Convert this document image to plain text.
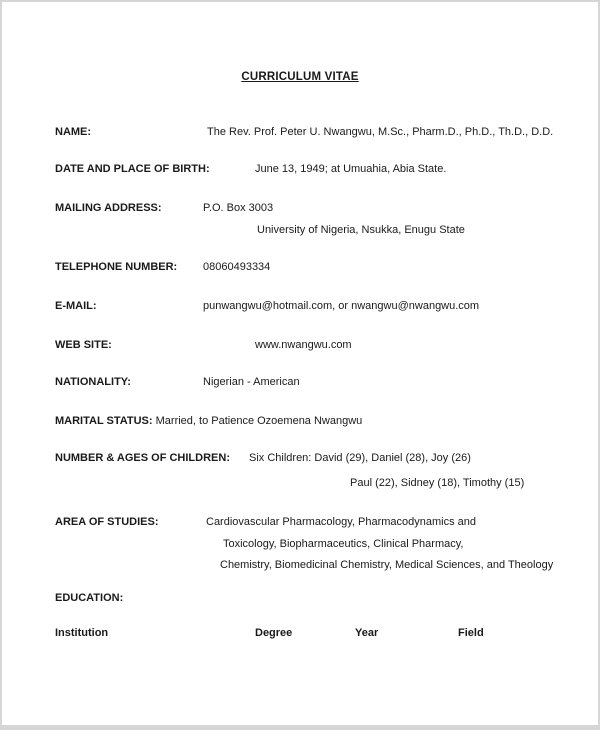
CURRICULUM VITAE
NAME:	The Rev. Prof. Peter U. Nwangwu, M.Sc., Pharm.D., Ph.D., Th.D., D.D.
DATE AND PLACE OF BIRTH:	June 13, 1949; at Umuahia, Abia State.
MAILING ADDRESS:	P.O. Box 3003
University of Nigeria, Nsukka, Enugu State
TELEPHONE NUMBER: 08060493334
E-MAIL:	punwangwu@hotmail.com, or nwangwu@nwangwu.com
WEB SITE:	www.nwangwu.com
NATIONALITY:	Nigerian - American
MARITAL STATUS: Married, to Patience Ozoemena Nwangwu
NUMBER & AGES OF CHILDREN: Six Children: David (29), Daniel (28), Joy (26)
Paul (22), Sidney (18), Timothy (15)
AREA OF STUDIES:	Cardiovascular Pharmacology, Pharmacodynamics and
Toxicology, Biopharmaceutics, Clinical Pharmacy,
Chemistry, Biomedicinal Chemistry, Medical Sciences, and Theology
EDUCATION:
Institution	Degree	Year	Field
